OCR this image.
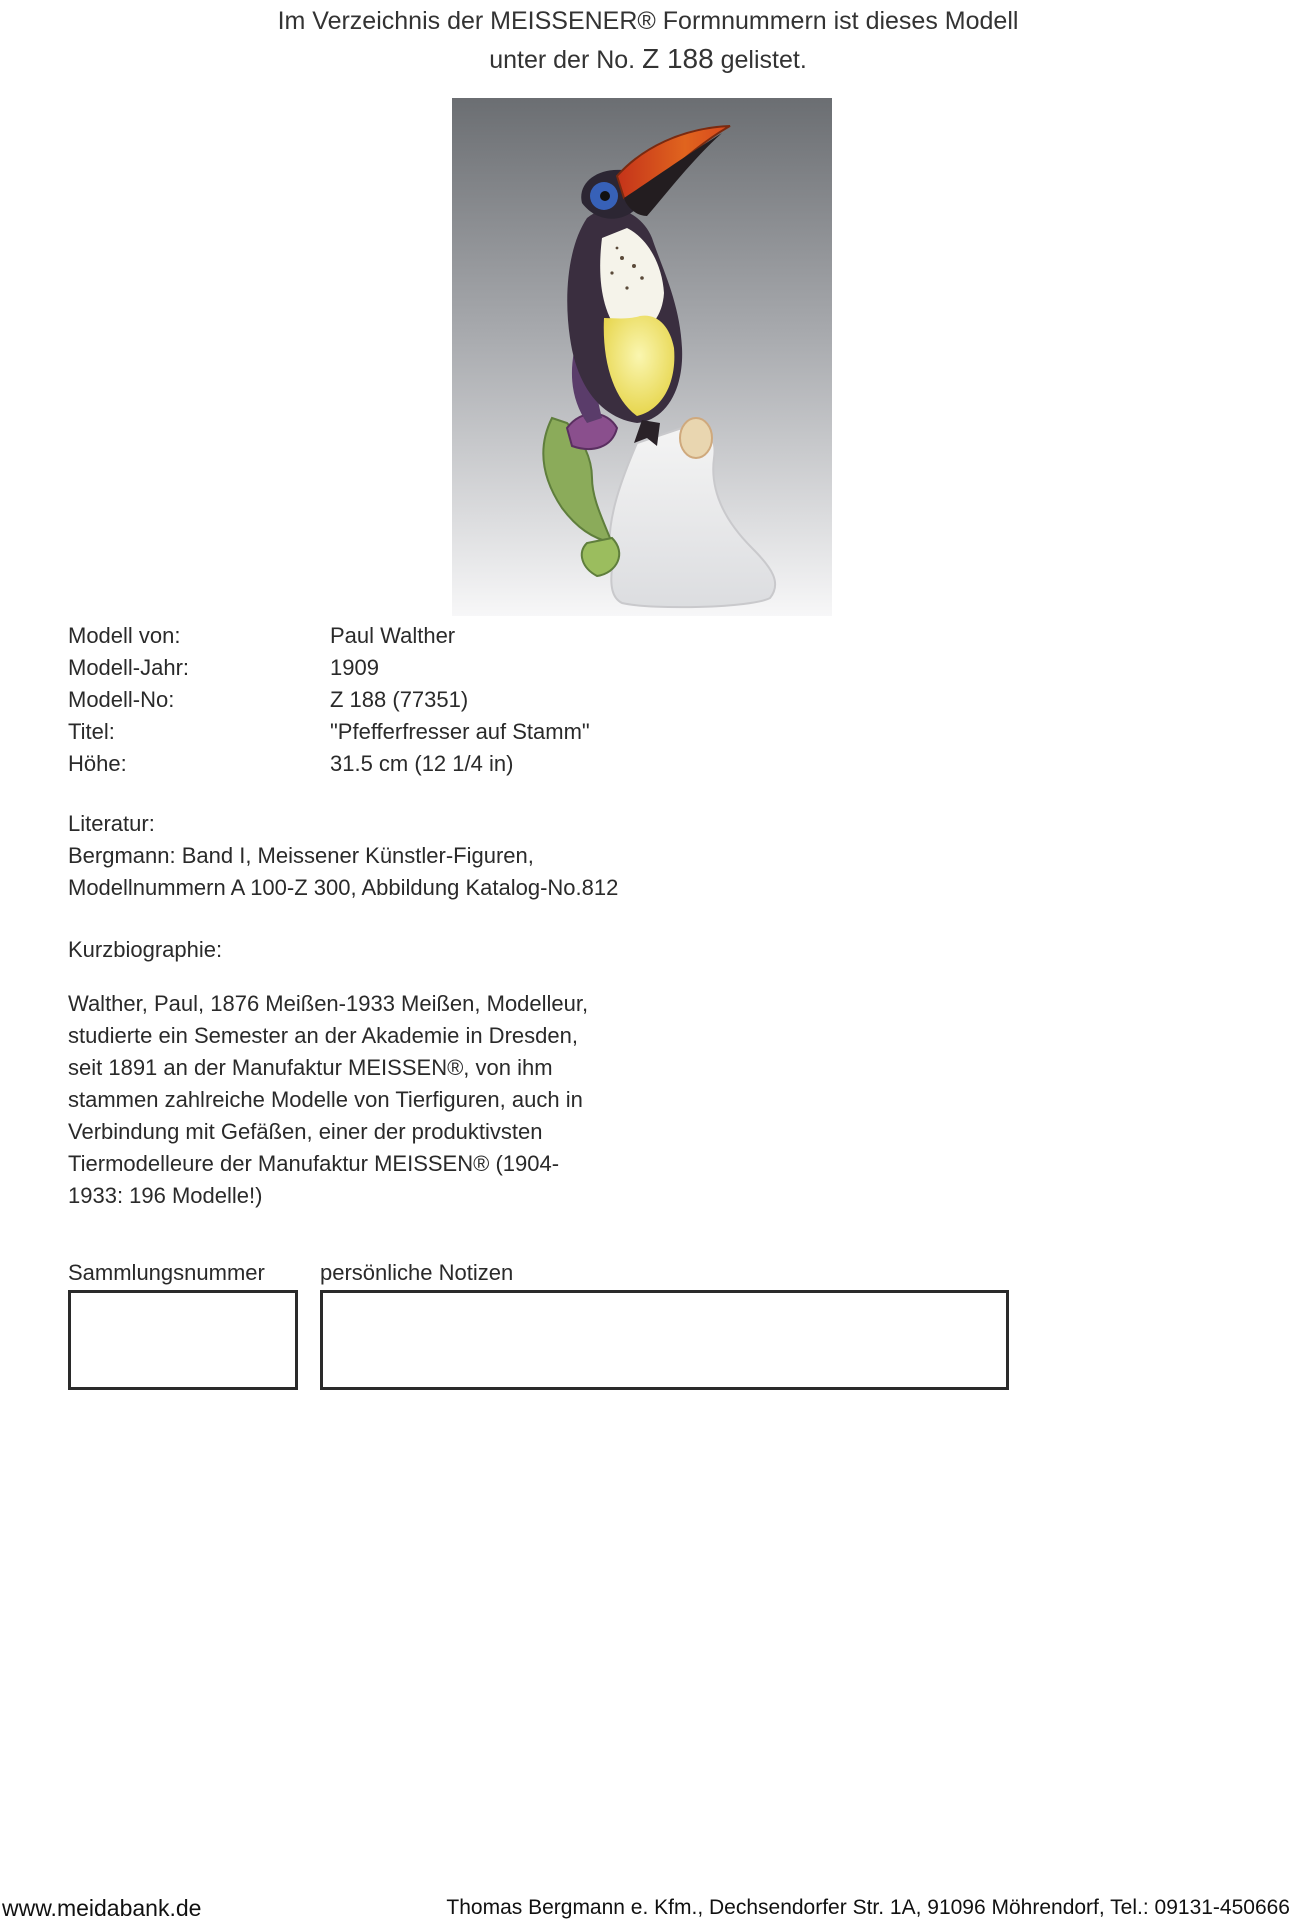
Im Verzeichnis der MEISSENER® Formnummern ist dieses Modell
unter der No. Z 188 gelistet.
Modell von:	Paul Walther
Modell-Jahr:	1909
Modell-No:	Z 188 (77351)
Titel:	"Pfefferfresser auf Stamm"
Höhe:	31.5 cm (12 1/4 in)
Literatur:
Bergmann: Band I, Meissener Künstler-Figuren,
Modellnummern A 100-Z 300, Abbildung Katalog-No.812
Kurzbiographie:
Walther, Paul, 1876 Meißen-1933 Meißen, Modelleur,
studierte ein Semester an der Akademie in Dresden,
seit 1891 an der Manufaktur MEISSEN®, von ihm
stammen zahlreiche Modelle von Tierfiguren, auch in
Verbindung mit Gefäßen, einer der produktivsten
Tiermodelleure der Manufaktur MEISSEN® (1904-
1933: 196 Modelle!)
Sammlungsnummer	persönliche Notizen
www.meidabank.de	Thomas Bergmann e. Kfm., Dechsendorfer Str. 1A, 91096 Möhrendorf, Tel.: 09131-450666
